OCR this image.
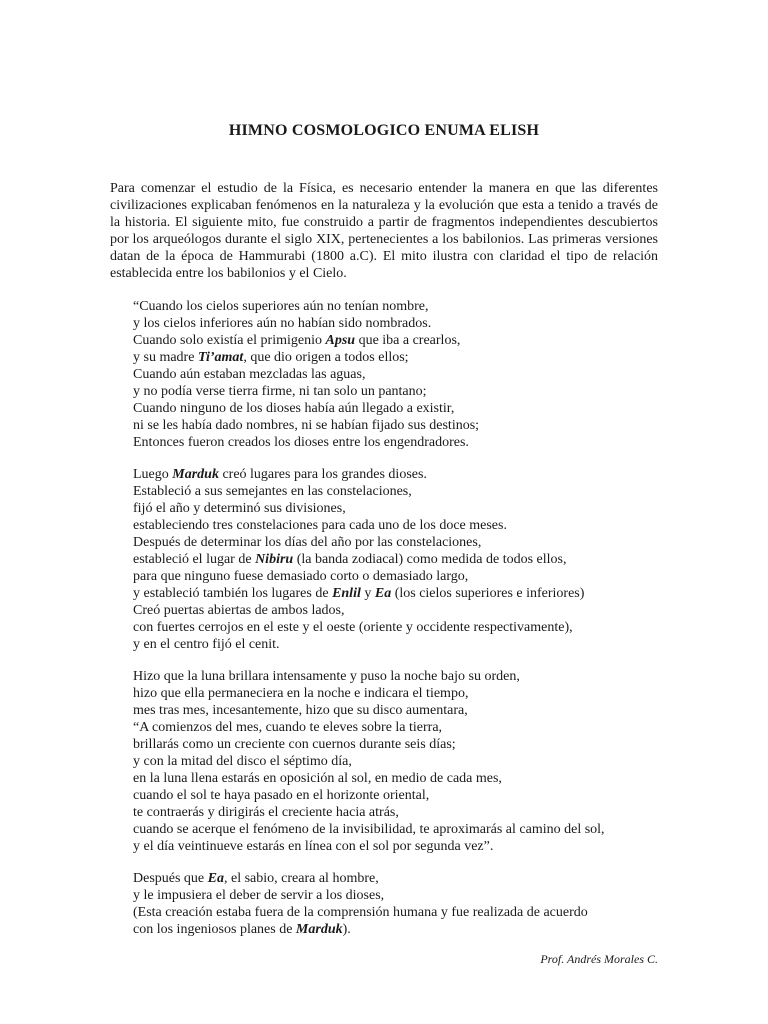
HIMNO COSMOLOGICO ENUMA ELISH

Para comenzar el estudio de la Física, es necesario entender la manera en que las diferentes civilizaciones explicaban fenómenos en la naturaleza y la evolución que esta a tenido a través de la historia. El siguiente mito, fue construido a partir de fragmentos independientes descubiertos por los arqueólogos durante el siglo XIX, pertenecientes a los babilonios. Las primeras versiones datan de la época de Hammurabi (1800 a.C). El mito ilustra con claridad el tipo de relación establecida entre los babilonios y el Cielo.

“Cuando los cielos superiores aún no tenían nombre,
y los cielos inferiores aún no habían sido nombrados.
Cuando solo existía el primigenio Apsu que iba a crearlos,
y su madre Ti’amat, que dio origen a todos ellos;
Cuando aún estaban mezcladas las aguas,
y no podía verse tierra firme, ni tan solo un pantano;
Cuando ninguno de los dioses había aún llegado a existir,
ni se les había dado nombres, ni se habían fijado sus destinos;
Entonces fueron creados los dioses entre los engendradores.
Luego Marduk creó lugares para los grandes dioses.
Estableció a sus semejantes en las constelaciones,
fijó el año y determinó sus divisiones,
estableciendo tres constelaciones para cada uno de los doce meses.
Después de determinar los días del año por las constelaciones,
estableció el lugar de Nibiru (la banda zodiacal) como medida de todos ellos,
para que ninguno fuese demasiado corto o demasiado largo,
y estableció también los lugares de Enlil y Ea (los cielos superiores e inferiores)
Creó puertas abiertas de ambos lados,
con fuertes cerrojos en el este y el oeste (oriente y occidente respectivamente),
y en el centro fijó el cenit.
Hizo que la luna brillara intensamente y puso la noche bajo su orden,
hizo que ella permaneciera en la noche e indicara el tiempo,
mes tras mes, incesantemente, hizo que su disco aumentara,
“A comienzos del mes, cuando te eleves sobre la tierra,
brillarás como un creciente con cuernos durante seis días;
y con la mitad del disco el séptimo día,
en la luna llena estarás en oposición al sol, en medio de cada mes,
cuando el sol te haya pasado en el horizonte oriental,
te contraerás y dirigirás el creciente hacia atrás,
cuando se acerque el fenómeno de la invisibilidad, te aproximarás al camino del sol,
y el día veintinueve estarás en línea con el sol por segunda vez”.
Después que Ea, el sabio, creara al hombre,
y le impusiera el deber de servir a los dioses,
(Esta creación estaba fuera de la comprensión humana y fue realizada de acuerdo
con los ingeniosos planes de Marduk).
Prof. Andrés Morales C.
